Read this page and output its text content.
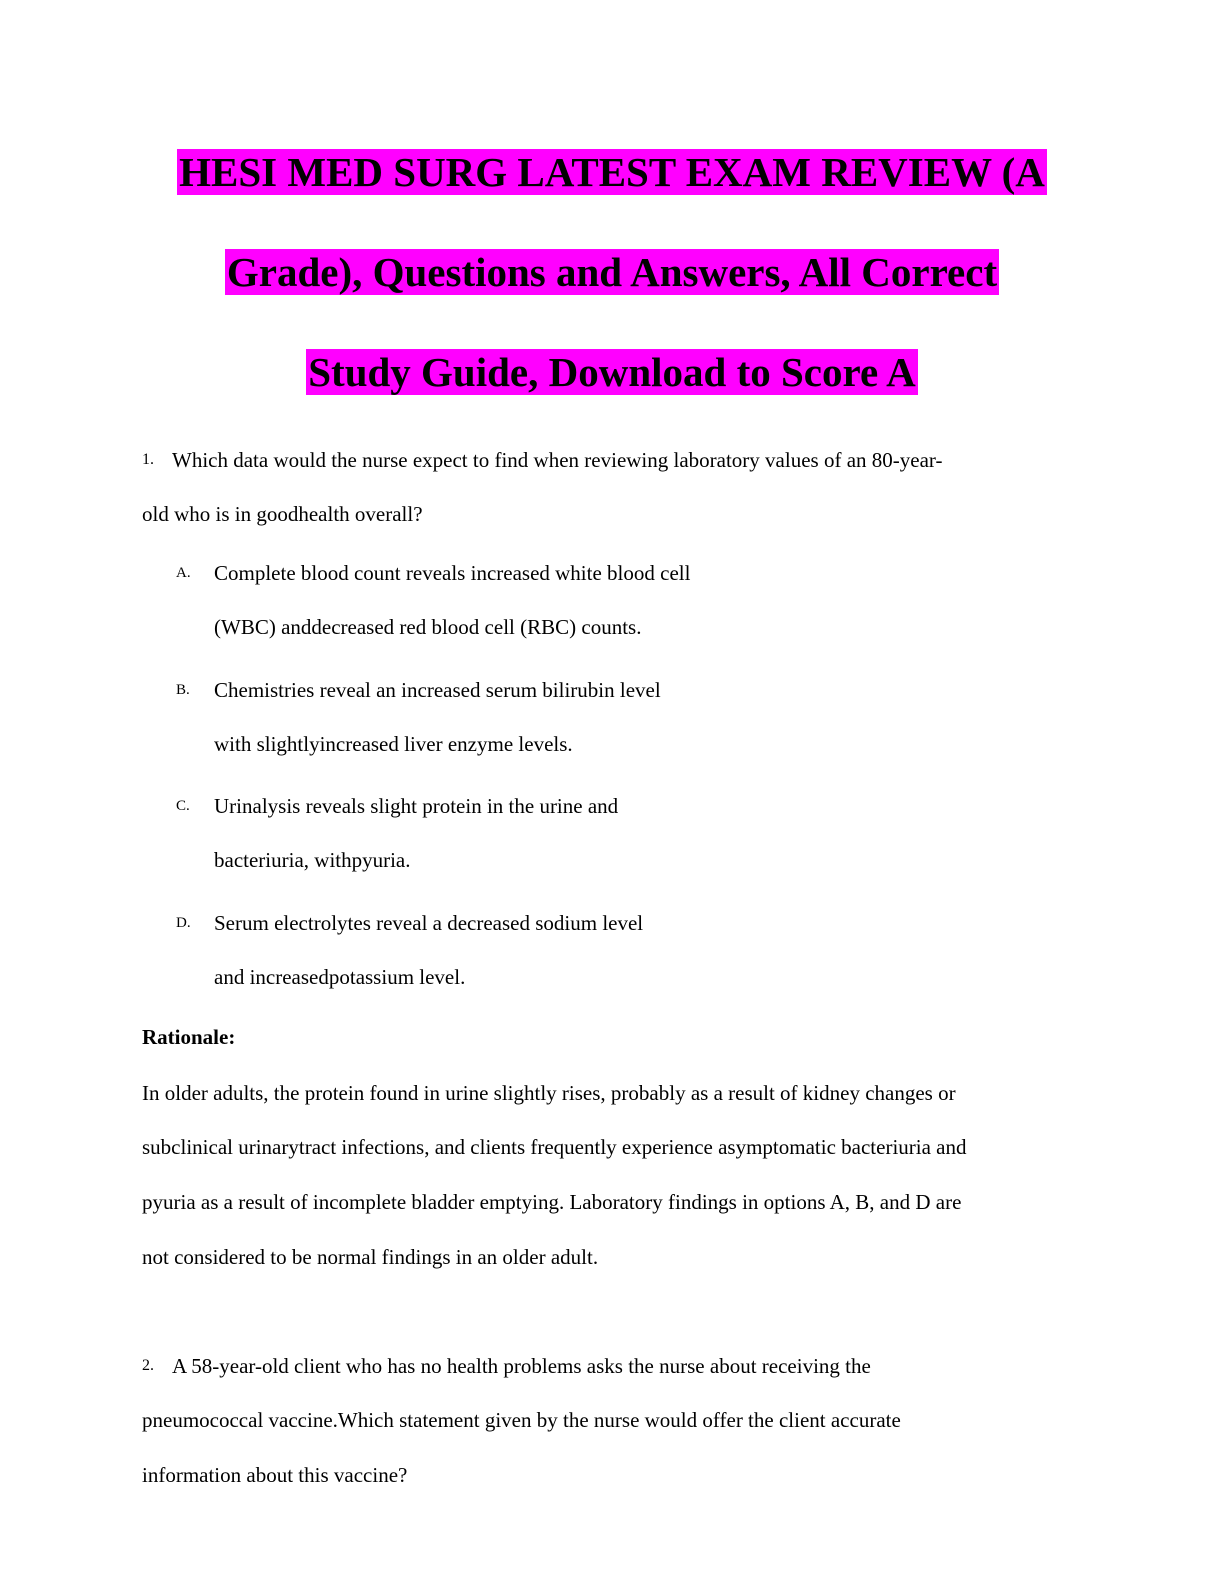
HESI MED SURG LATEST EXAM REVIEW (A
Grade), Questions and Answers, All Correct
Study Guide, Download to Score A
1. Which data would the nurse expect to find when reviewing laboratory values of an 80-year-
old who is in goodhealth overall?
A. Complete blood count reveals increased white blood cell
(WBC) anddecreased red blood cell (RBC) counts.
B. Chemistries reveal an increased serum bilirubin level
with slightlyincreased liver enzyme levels.
C. Urinalysis reveals slight protein in the urine and
bacteriuria, withpyuria.
D. Serum electrolytes reveal a decreased sodium level
and increasedpotassium level.
Rationale:
In older adults, the protein found in urine slightly rises, probably as a result of kidney changes or
subclinical urinarytract infections, and clients frequently experience asymptomatic bacteriuria and
pyuria as a result of incomplete bladder emptying. Laboratory findings in options A, B, and D are
not considered to be normal findings in an older adult.
2. A 58-year-old client who has no health problems asks the nurse about receiving the
pneumococcal vaccine.Which statement given by the nurse would offer the client accurate
information about this vaccine?
